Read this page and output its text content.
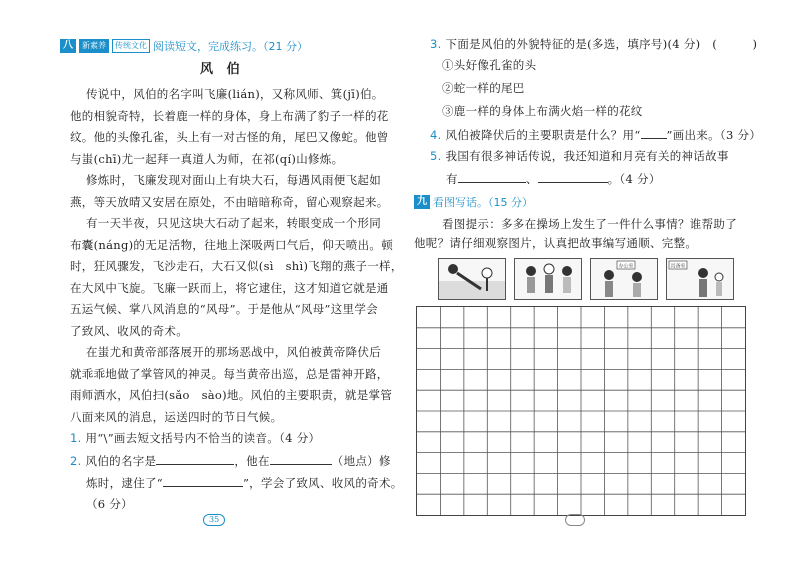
八	新素养	传统文化 阅读短文，完成练习。（21 分）
风　伯
传说中，风伯的名字叫飞廉(lián)，又称风师、箕(jī)伯。
他的相貌奇特，长着鹿一样的身体，身上布满了豹子一样的花
纹。他的头像孔雀，头上有一对古怪的角，尾巴又像蛇。他曾
与蚩(chī)尤一起拜一真道人为师，在祁(qí)山修炼。
修炼时，飞廉发现对面山上有块大石，每遇风雨便飞起如
燕，等天放晴又安居在原处，不由暗暗称奇，留心观察起来。
有一天半夜，只见这块大石动了起来，转眼变成一个形同
布囊(náng)的无足活物，往地上深吸两口气后，仰天喷出。顿
时，狂风骤发，飞沙走石，大石又似(sì　shì)飞翔的燕子一样，
在大风中飞旋。飞廉一跃而上，将它逮住，这才知道它就是通
五运气候、掌八风消息的“风母”。于是他从“风母”这里学会
了致风、收风的奇术。
在蚩尤和黄帝部落展开的那场恶战中，风伯被黄帝降伏后
就乖乖地做了掌管风的神灵。每当黄帝出巡，总是雷神开路，
雨师洒水，风伯扫(sǎo　sào)地。风伯的主要职责，就是掌管
八面来风的消息，运送四时的节日气候。
1. 用“\”画去短文括号内不恰当的读音。（4 分）
2. 风伯的名字是	，他在	（地点）修
炼时，逮住了“	”，学会了致风、收风的奇术。
（6 分）
35
3. 下面是风伯的外貌特征的是(多选，填序号)(4 分)　(　　　)
①头好像孔雀的头
②蛇一样的尾巴
③鹿一样的身体上布满火焰一样的花纹
4. 风伯被降伏后的主要职责是什么？用“ ”画出来。（3 分）
5. 我国有很多神话传说，我还知道和月亮有关的神话故事
有	、	。（4 分）
九 看图写话。（15 分）
看图提示：多多在操场上发生了一件什么事情？谁帮助了
他呢？请仔细观察图片，认真把故事编写通顺、完整。
办公室	具备室
